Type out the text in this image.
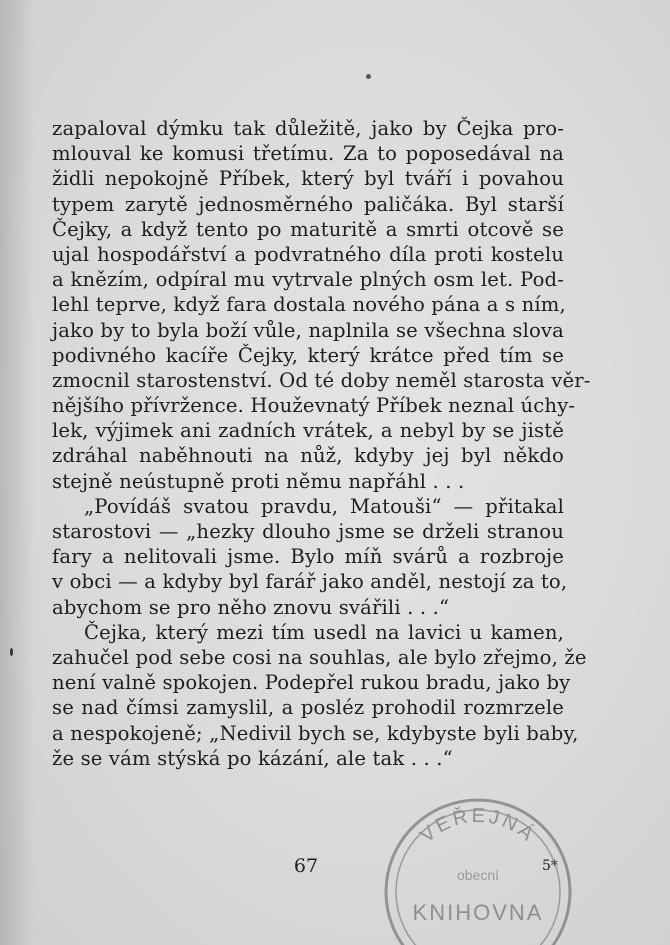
zapaloval dýmku tak důležitě, jako by Čejka pro-
mlouval ke komusi třetímu. Za to poposedával na
židli nepokojně Příbek, který byl tváří i povahou
typem zarytě jednosměrného paličáka. Byl starší
Čejky, a když tento po maturitě a smrti otcově se
ujal hospodářství a podvratného díla proti kostelu
a knězím, odpíral mu vytrvale plných osm let. Pod-
lehl teprve, když fara dostala nového pána a s ním,
jako by to byla boží vůle, naplnila se všechna slova
podivného kacíře Čejky, který krátce před tím se
zmocnil starostenství. Od té doby neměl starosta věr-
nějšího přívržence. Houževnatý Příbek neznal úchy-
lek, výjimek ani zadních vrátek, a nebyl by se jistě
zdráhal naběhnouti na nůž, kdyby jej byl někdo
stejně neústupně proti němu napřáhl . . .
„Povídáš svatou pravdu, Matouši“ — přitakal
starostovi — „hezky dlouho jsme se drželi stranou
fary a nelitovali jsme. Bylo míň svárů a rozbroje
v obci — a kdyby byl farář jako anděl, nestojí za to,
abychom se pro něho znovu svářili . . .“
Čejka, který mezi tím usedl na lavici u kamen,
zahučel pod sebe cosi na souhlas, ale bylo zřejmo, že
není valně spokojen. Podepřel rukou bradu, jako by
se nad čímsi zamyslil, a posléz prohodil rozmrzele
a nespokojeně; „Nedivil bych se, kdybyste byli baby,
že se vám stýská po kázání, ale tak . . .“
67	5*
VEŘEJNÁ
obecní
KNIHOVNA
